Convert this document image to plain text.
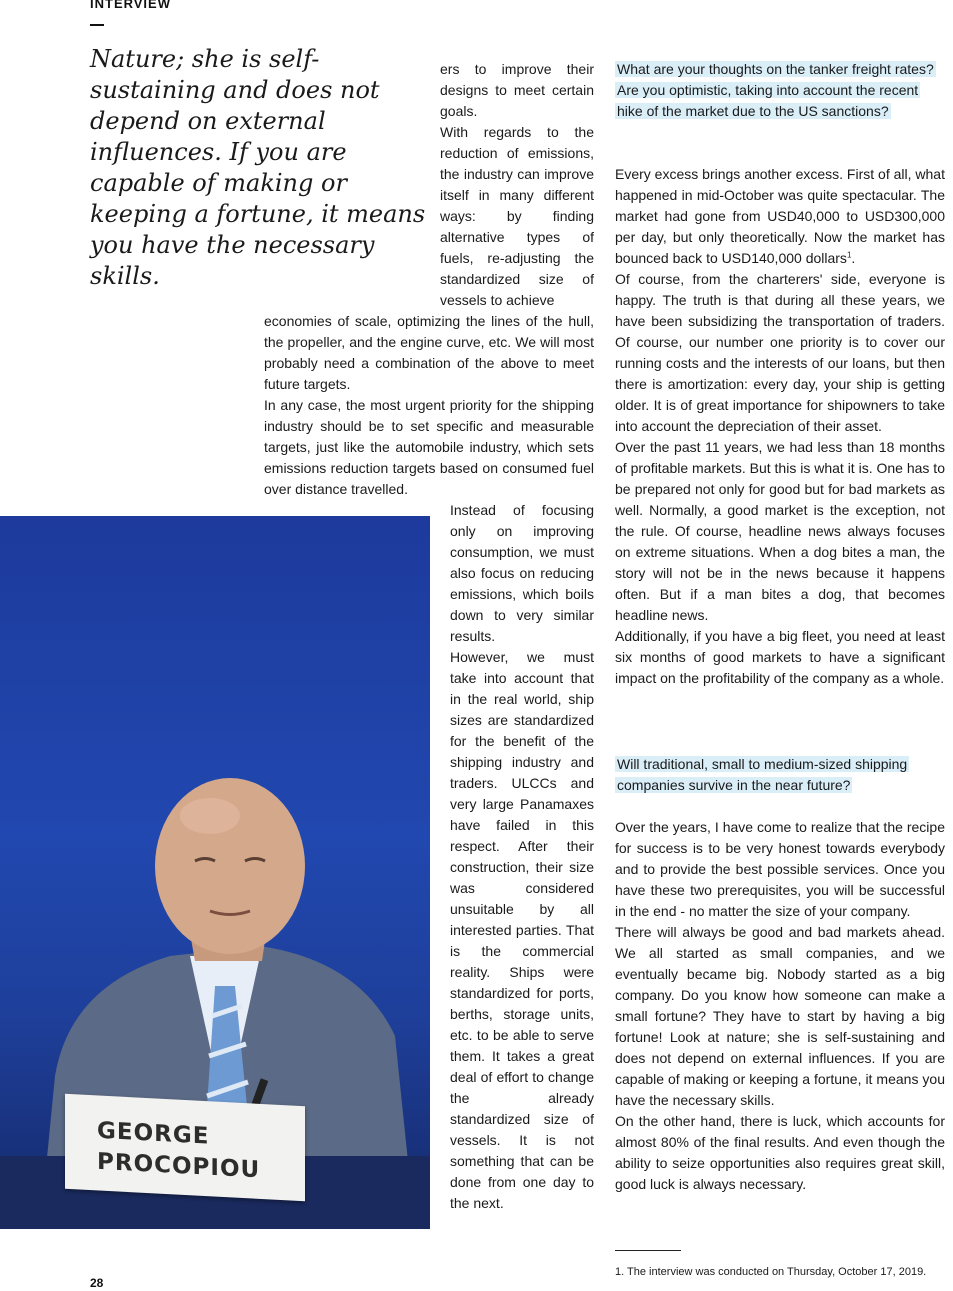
INTERVIEW
Nature; she is self-sustaining and does not depend on external influences. If you are capable of making or keeping a fortune, it means you have the necessary skills.

ers to improve their designs to meet certain goals.

With regards to the reduction of emissions, the industry can improve itself in many different ways: by finding alternative types of fuels, re-adjusting the standardized size of vessels to achieve

economies of scale, optimizing the lines of the hull, the propeller, and the engine curve, etc. We will most probably need a combination of the above to meet future targets.

In any case, the most urgent priority for the shipping industry should be to set specific and measurable targets, just like the automobile industry, which sets emissions reduction targets based on consumed fuel over distance travelled.

Instead of focusing only on improving consumption, we must also focus on reducing emissions, which boils down to very similar results.

However, we must take into account that in the real world, ship sizes are standardized for the benefit of the shipping industry and traders. ULCCs and very large Panamaxes have failed in this respect. After their construction, their size was considered unsuitable by all interested parties. That is the commercial reality. Ships were standardized for ports, berths, storage units, etc. to be able to serve them. It takes a great deal of effort to change the already standardized size of vessels. It is not something that can be done from one day to the next.

What are your thoughts on the tanker freight rates? Are you optimistic, taking into account the recent hike of the market due to the US sanctions?

Every excess brings another excess. First of all, what happened in mid-October was quite spectacular. The market had gone from USD40,000 to USD300,000 per day, but only theoretically. Now the market has bounced back to USD140,000 dollars$^1$.

Of course, from the charterers' side, everyone is happy. The truth is that during all these years, we have been subsidizing the transportation of traders. Of course, our number one priority is to cover our running costs and the interests of our loans, but then there is amortization: every day, your ship is getting older. It is of great importance for shipowners to take into account the depreciation of their asset.

Over the past 11 years, we had less than 18 months of profitable markets. But this is what it is. One has to be prepared not only for good but for bad markets as well. Normally, a good market is the exception, not the rule. Of course, headline news always focuses on extreme situations. When a dog bites a man, the story will not be in the news because it happens often. But if a man bites a dog, that becomes headline news.

Additionally, if you have a big fleet, you need at least six months of good markets to have a significant impact on the profitability of the company as a whole.

Will traditional, small to medium-sized shipping companies survive in the near future?

Over the years, I have come to realize that the recipe for success is to be very honest towards everybody and to provide the best possible services. Once you have these two prerequisites, you will be successful in the end - no matter the size of your company.

There will always be good and bad markets ahead. We all started as small companies, and we eventually became big. Nobody started as a big company. Do you know how someone can make a small fortune? They have to start by having a big fortune! Look at nature; she is self-sustaining and does not depend on external influences. If you are capable of making or keeping a fortune, it means you have the necessary skills.

On the other hand, there is luck, which accounts for almost 80% of the final results. And even though the ability to seize opportunities also requires great skill, good luck is always necessary.

GEORGE
PROCOPIOU
1. The interview was conducted on Thursday, October 17, 2019.
28
